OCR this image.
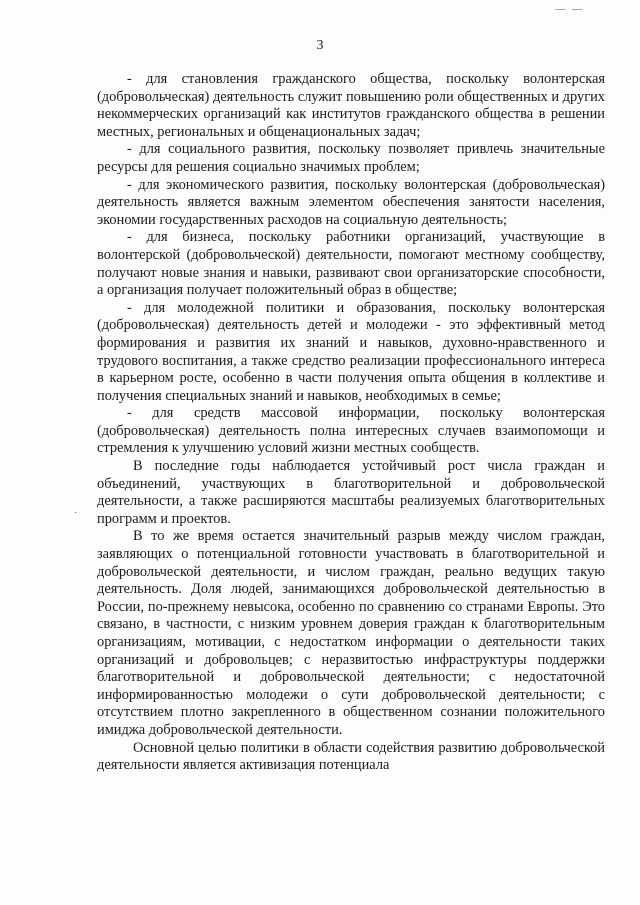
— —
·
3

- для становления гражданского общества, поскольку волонтерская (добровольческая) деятельность служит повышению роли общественных и других некоммерческих организаций как институтов гражданского общества в решении местных, региональных и общенациональных задач;

- для социального развития, поскольку позволяет привлечь значительные ресурсы для решения социально значимых проблем;

- для экономического развития, поскольку волонтерская (добровольческая) деятельность является важным элементом обеспечения занятости населения, экономии государственных расходов на социальную деятельность;

- для бизнеса, поскольку работники организаций, участвующие в волонтерской (добровольческой) деятельности, помогают местному сообществу, получают новые знания и навыки, развивают свои организаторские способности, а организация получает положительный образ в обществе;

- для молодежной политики и образования, поскольку волонтерская (добровольческая) деятельность детей и молодежи - это эффективный метод формирования и развития их знаний и навыков, духовно-нравственного и трудового воспитания, а также средство реализации профессионального интереса в карьерном росте, особенно в части получения опыта общения в коллективе и получения специальных знаний и навыков, необходимых в семье;

- для средств массовой информации, поскольку волонтерская (добровольческая) деятельность полна интересных случаев взаимопомощи и стремления к улучшению условий жизни местных сообществ.

В последние годы наблюдается устойчивый рост числа граждан и объединений, участвующих в благотворительной и добровольческой деятельности, а также расширяются масштабы реализуемых благотворительных программ и проектов.

В то же время остается значительный разрыв между числом граждан, заявляющих о потенциальной готовности участвовать в благотворительной и добровольческой деятельности, и числом граждан, реально ведущих такую деятельность. Доля людей, занимающихся добровольческой деятельностью в России, по-прежнему невысока, особенно по сравнению со странами Европы. Это связано, в частности, с низким уровнем доверия граждан к благотворительным организациям, мотивации, с недостатком информации о деятельности таких организаций и добровольцев; с неразвитостью инфраструктуры поддержки благотворительной и добровольческой деятельности; с недостаточной информированностью молодежи о сути добровольческой деятельности; с отсутствием плотно закрепленного в общественном сознании положительного имиджа добровольческой деятельности.

Основной целью политики в области содействия развитию добровольческой деятельности является активизация потенциала
